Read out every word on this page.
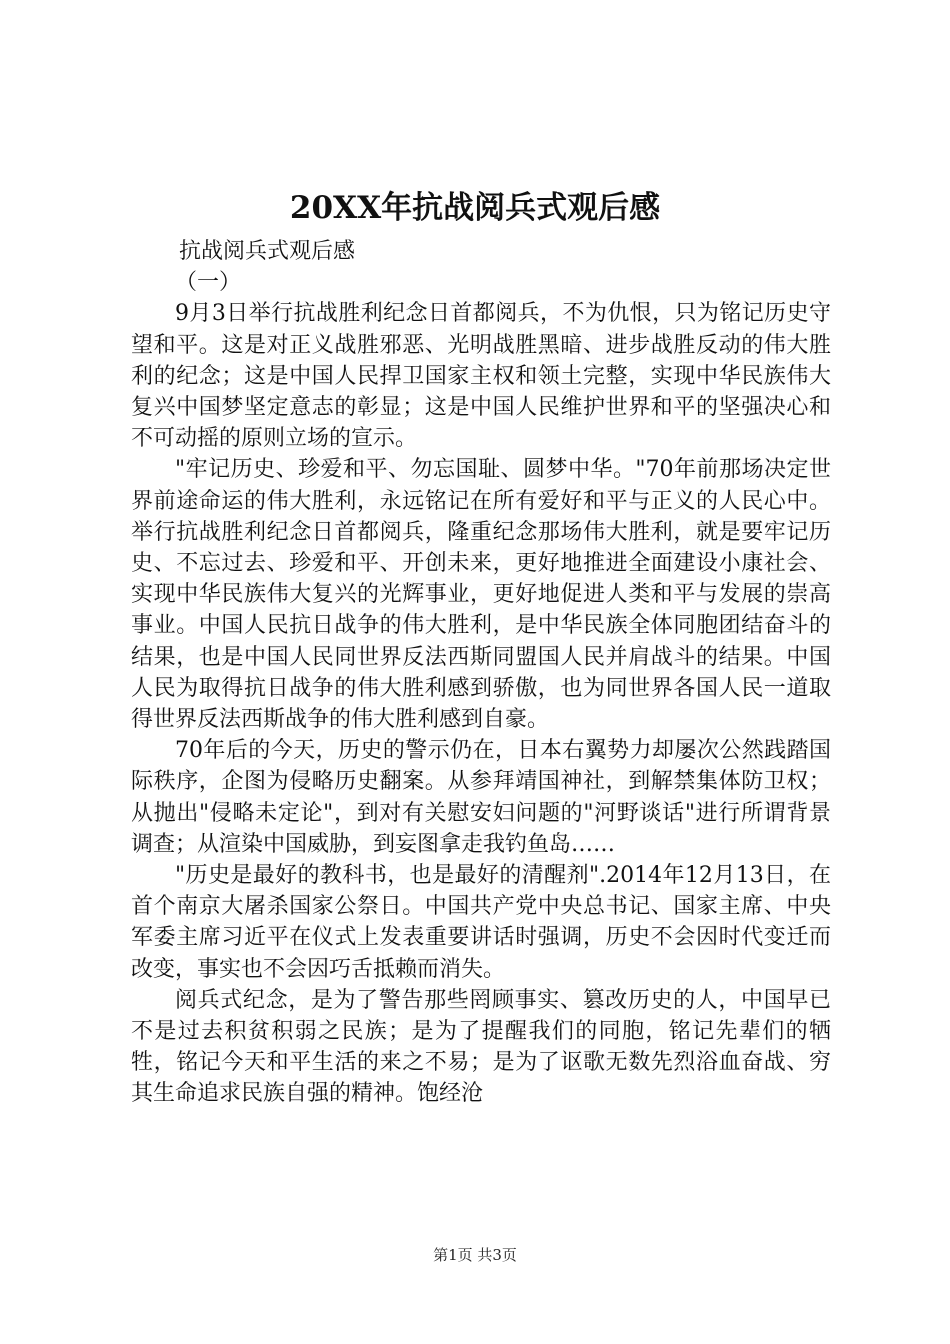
20XX年抗战阅兵式观后感

抗战阅兵式观后感

（一）

9月3日举行抗战胜利纪念日首都阅兵，不为仇恨，只为铭记历史守望和平。这是对正义战胜邪恶、光明战胜黑暗、进步战胜反动的伟大胜利的纪念；这是中国人民捍卫国家主权和领土完整，实现中华民族伟大复兴中国梦坚定意志的彰显；这是中国人民维护世界和平的坚强决心和不可动摇的原则立场的宣示。

"牢记历史、珍爱和平、勿忘国耻、圆梦中华。"70年前那场决定世界前途命运的伟大胜利，永远铭记在所有爱好和平与正义的人民心中。举行抗战胜利纪念日首都阅兵，隆重纪念那场伟大胜利，就是要牢记历史、不忘过去、珍爱和平、开创未来，更好地推进全面建设小康社会、实现中华民族伟大复兴的光辉事业，更好地促进人类和平与发展的崇高事业。中国人民抗日战争的伟大胜利，是中华民族全体同胞团结奋斗的结果，也是中国人民同世界反法西斯同盟国人民并肩战斗的结果。中国人民为取得抗日战争的伟大胜利感到骄傲，也为同世界各国人民一道取得世界反法西斯战争的伟大胜利感到自豪。

70年后的今天，历史的警示仍在，日本右翼势力却屡次公然践踏国际秩序，企图为侵略历史翻案。从参拜靖国神社，到解禁集体防卫权；从抛出"侵略未定论"，到对有关慰安妇问题的"河野谈话"进行所谓背景调查；从渲染中国威胁，到妄图拿走我钓鱼岛……

"历史是最好的教科书，也是最好的清醒剂".2014年12月13日，在首个南京大屠杀国家公祭日。中国共产党中央总书记、国家主席、中央军委主席习近平在仪式上发表重要讲话时强调，历史不会因时代变迁而改变，事实也不会因巧舌抵赖而消失。

阅兵式纪念，是为了警告那些罔顾事实、篡改历史的人，中国早已不是过去积贫积弱之民族；是为了提醒我们的同胞，铭记先辈们的牺牲，铭记今天和平生活的来之不易；是为了讴歌无数先烈浴血奋战、穷其生命追求民族自强的精神。饱经沧

第1页 共3页
